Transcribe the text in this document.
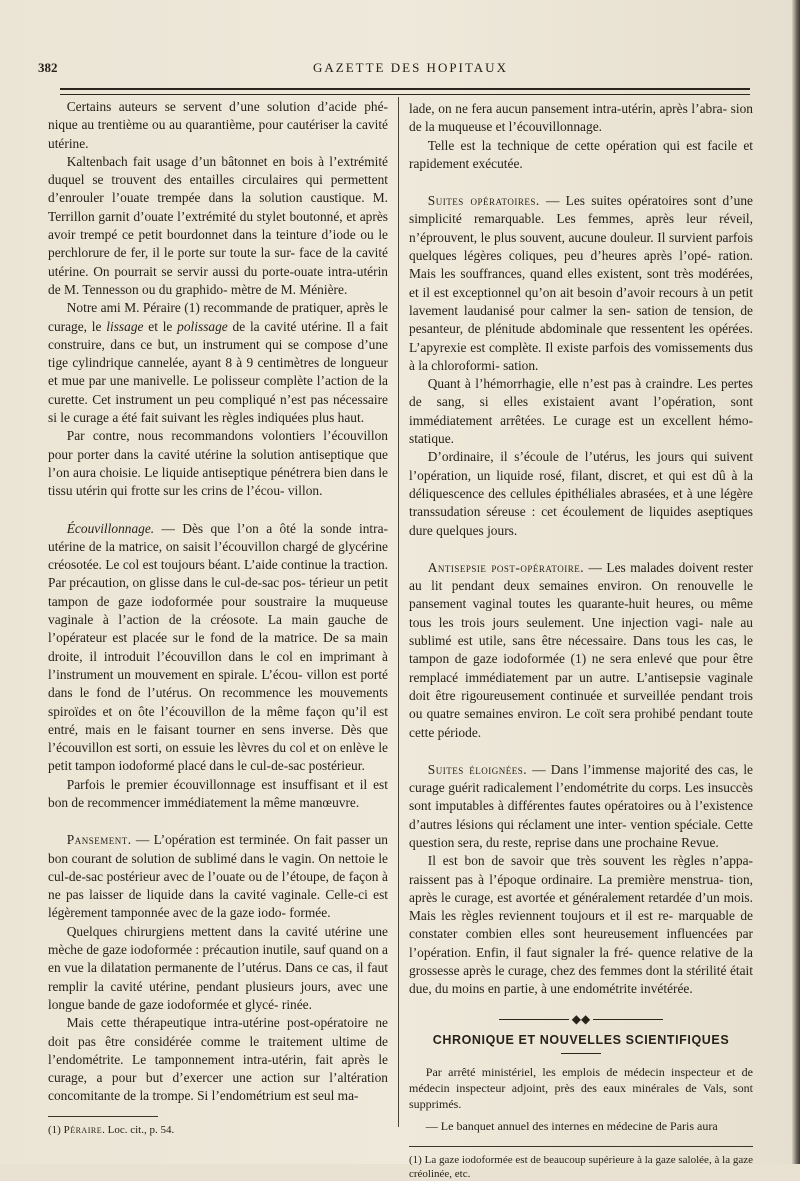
382	GAZETTE DES HOPITAUX

Certains auteurs se servent d’une solution d’acide phé- nique au trentième ou au quarantième, pour cautériser la cavité utérine.

Kaltenbach fait usage d’un bâtonnet en bois à l’extrémité duquel se trouvent des entailles circulaires qui permettent d’enrouler l’ouate trempée dans la solution caustique. M. Terrillon garnit d’ouate l’extrémité du stylet boutonné, et après avoir trempé ce petit bourdonnet dans la teinture d’iode ou le perchlorure de fer, il le porte sur toute la sur- face de la cavité utérine. On pourrait se servir aussi du porte-ouate intra-utérin de M. Tennesson ou du graphido- mètre de M. Ménière.

Notre ami M. Péraire (1) recommande de pratiquer, après le curage, le lissage et le polissage de la cavité utérine. Il a fait construire, dans ce but, un instrument qui se compose d’une tige cylindrique cannelée, ayant 8 à 9 centimètres de longueur et mue par une manivelle. Le polisseur complète l’action de la curette. Cet instrument un peu compliqué n’est pas nécessaire si le curage a été fait suivant les règles indiquées plus haut.

Par contre, nous recommandons volontiers l’écouvillon pour porter dans la cavité utérine la solution antiseptique que l’on aura choisie. Le liquide antiseptique pénétrera bien dans le tissu utérin qui frotte sur les crins de l’écou- villon.

Écouvillonnage. — Dès que l’on a ôté la sonde intra-utérine de la matrice, on saisit l’écouvillon chargé de glycérine créosotée. Le col est toujours béant. L’aide continue la traction. Par précaution, on glisse dans le cul-de-sac pos- térieur un petit tampon de gaze iodoformée pour soustraire la muqueuse vaginale à l’action de la créosote. La main gauche de l’opérateur est placée sur le fond de la matrice. De sa main droite, il introduit l’écouvillon dans le col en imprimant à l’instrument un mouvement en spirale. L’écou- villon est porté dans le fond de l’utérus. On recommence les mouvements spiroïdes et on ôte l’écouvillon de la même façon qu’il est entré, mais en le faisant tourner en sens inverse. Dès que l’écouvillon est sorti, on essuie les lèvres du col et on enlève le petit tampon iodoformé placé dans le cul-de-sac postérieur.

Parfois le premier écouvillonnage est insuffisant et il est bon de recommencer immédiatement la même manœuvre.

Pansement. — L’opération est terminée. On fait passer un bon courant de solution de sublimé dans le vagin. On nettoie le cul-de-sac postérieur avec de l’ouate ou de l’étoupe, de façon à ne pas laisser de liquide dans la cavité vaginale. Celle-ci est légèrement tamponnée avec de la gaze iodo- formée.

Quelques chirurgiens mettent dans la cavité utérine une mèche de gaze iodoformée : précaution inutile, sauf quand on a en vue la dilatation permanente de l’utérus. Dans ce cas, il faut remplir la cavité utérine, pendant plusieurs jours, avec une longue bande de gaze iodoformée et glycé- rinée.

Mais cette thérapeutique intra-utérine post-opératoire ne doit pas être considérée comme le traitement ultime de l’endométrite. Le tamponnement intra-utérin, fait après le curage, a pour but d’exercer une action sur l’altération concomitante de la trompe. Si l’endométrium est seul ma-

(1) Péraire. Loc. cit., p. 54.

lade, on ne fera aucun pansement intra-utérin, après l’abra- sion de la muqueuse et l’écouvillonnage.

Telle est la technique de cette opération qui est facile et rapidement exécutée.

Suites opératoires. — Les suites opératoires sont d’une simplicité remarquable. Les femmes, après leur réveil, n’éprouvent, le plus souvent, aucune douleur. Il survient parfois quelques légères coliques, peu d’heures après l’opé- ration. Mais les souffrances, quand elles existent, sont très modérées, et il est exceptionnel qu’on ait besoin d’avoir recours à un petit lavement laudanisé pour calmer la sen- sation de tension, de pesanteur, de plénitude abdominale que ressentent les opérées. L’apyrexie est complète. Il existe parfois des vomissements dus à la chloroformi- sation.

Quant à l’hémorrhagie, elle n’est pas à craindre. Les pertes de sang, si elles existaient avant l’opération, sont immédiatement arrêtées. Le curage est un excellent hémo- statique.

D’ordinaire, il s’écoule de l’utérus, les jours qui suivent l’opération, un liquide rosé, filant, discret, et qui est dû à la déliquescence des cellules épithéliales abrasées, et à une légère transsudation séreuse : cet écoulement de liquides aseptiques dure quelques jours.

Antisepsie post-opératoire. — Les malades doivent rester au lit pendant deux semaines environ. On renouvelle le pansement vaginal toutes les quarante-huit heures, ou même tous les trois jours seulement. Une injection vagi- nale au sublimé est utile, sans être nécessaire. Dans tous les cas, le tampon de gaze iodoformée (1) ne sera enlevé que pour être remplacé immédiatement par un autre. L’antisepsie vaginale doit être rigoureusement continuée et surveillée pendant trois ou quatre semaines environ. Le coït sera prohibé pendant toute cette période.

Suites éloignées. — Dans l’immense majorité des cas, le curage guérit radicalement l’endométrite du corps. Les insuccès sont imputables à différentes fautes opératoires ou à l’existence d’autres lésions qui réclament une inter- vention spéciale. Cette question sera, du reste, reprise dans une prochaine Revue.

Il est bon de savoir que très souvent les règles n’appa- raissent pas à l’époque ordinaire. La première menstrua- tion, après le curage, est avortée et généralement retardée d’un mois. Mais les règles reviennent toujours et il est re- marquable de constater combien elles sont heureusement influencées par l’opération. Enfin, il faut signaler la fré- quence relative de la grossesse après le curage, chez des femmes dont la stérilité était due, du moins en partie, à une endométrite invétérée.

◆◆
CHRONIQUE ET NOUVELLES SCIENTIFIQUES

Par arrêté ministériel, les emplois de médecin inspecteur et de médecin inspecteur adjoint, près des eaux minérales de Vals, sont supprimés.

— Le banquet annuel des internes en médecine de Paris aura

(1) La gaze iodoformée est de beaucoup supérieure à la gaze salolée, à la gaze créolinée, etc.
